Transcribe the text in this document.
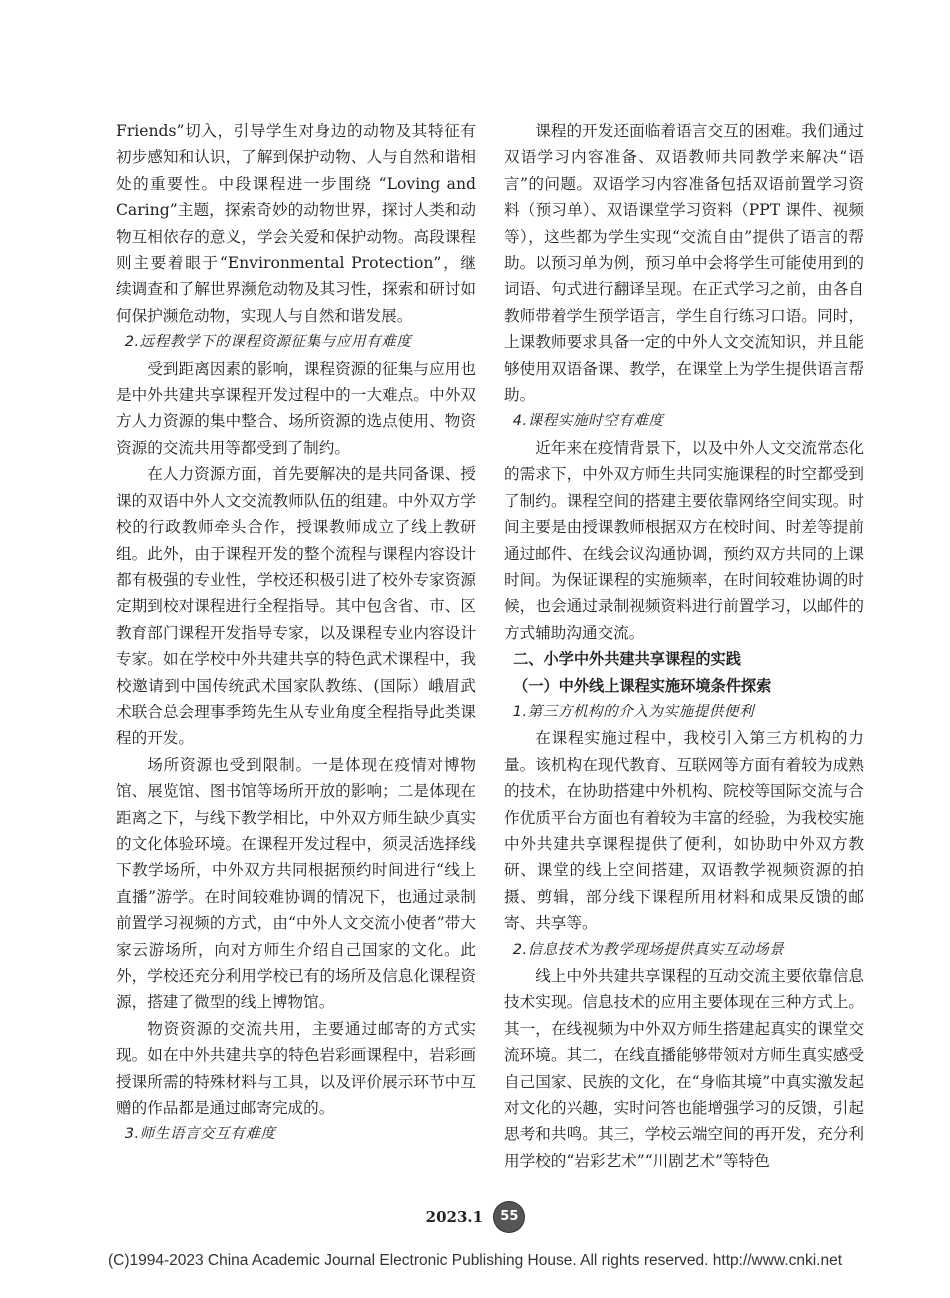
Friends”切入，引导学生对身边的动物及其特征有初步感知和认识，了解到保护动物、人与自然和谐相处的重要性。中段课程进一步围绕 “Loving and Caring”主题，探索奇妙的动物世界，探讨人类和动物互相依存的意义，学会关爱和保护动物。高段课程则主要着眼于“Environmental Protection”，继续调查和了解世界濒危动物及其习性，探索和研讨如何保护濒危动物，实现人与自然和谐发展。

2.远程教学下的课程资源征集与应用有难度

受到距离因素的影响，课程资源的征集与应用也是中外共建共享课程开发过程中的一大难点。中外双方人力资源的集中整合、场所资源的选点使用、物资资源的交流共用等都受到了制约。

在人力资源方面，首先要解决的是共同备课、授课的双语中外人文交流教师队伍的组建。中外双方学校的行政教师牵头合作，授课教师成立了线上教研组。此外，由于课程开发的整个流程与课程内容设计都有极强的专业性，学校还积极引进了校外专家资源定期到校对课程进行全程指导。其中包含省、市、区教育部门课程开发指导专家，以及课程专业内容设计专家。如在学校中外共建共享的特色武术课程中，我校邀请到中国传统武术国家队教练、(国际）峨眉武术联合总会理事季筠先生从专业角度全程指导此类课程的开发。

场所资源也受到限制。一是体现在疫情对博物馆、展览馆、图书馆等场所开放的影响；二是体现在距离之下，与线下教学相比，中外双方师生缺少真实的文化体验环境。在课程开发过程中，须灵活选择线下教学场所，中外双方共同根据预约时间进行“线上直播”游学。在时间较难协调的情况下，也通过录制前置学习视频的方式，由“中外人文交流小使者”带大家云游场所，向对方师生介绍自己国家的文化。此外，学校还充分利用学校已有的场所及信息化课程资源，搭建了微型的线上博物馆。

物资资源的交流共用，主要通过邮寄的方式实现。如在中外共建共享的特色岩彩画课程中，岩彩画授课所需的特殊材料与工具，以及评价展示环节中互赠的作品都是通过邮寄完成的。

3.师生语言交互有难度

课程的开发还面临着语言交互的困难。我们通过双语学习内容准备、双语教师共同教学来解决“语言”的问题。双语学习内容准备包括双语前置学习资料（预习单）、双语课堂学习资料（PPT 课件、视频等），这些都为学生实现“交流自由”提供了语言的帮助。以预习单为例，预习单中会将学生可能使用到的词语、句式进行翻译呈现。在正式学习之前，由各自教师带着学生预学语言，学生自行练习口语。同时，上课教师要求具备一定的中外人文交流知识，并且能够使用双语备课、教学，在课堂上为学生提供语言帮助。

4.课程实施时空有难度

近年来在疫情背景下，以及中外人文交流常态化的需求下，中外双方师生共同实施课程的时空都受到了制约。课程空间的搭建主要依靠网络空间实现。时间主要是由授课教师根据双方在校时间、时差等提前通过邮件、在线会议沟通协调，预约双方共同的上课时间。为保证课程的实施频率，在时间较难协调的时候，也会通过录制视频资料进行前置学习，以邮件的方式辅助沟通交流。

二、小学中外共建共享课程的实践

（一）中外线上课程实施环境条件探索

1.第三方机构的介入为实施提供便利

在课程实施过程中，我校引入第三方机构的力量。该机构在现代教育、互联网等方面有着较为成熟的技术，在协助搭建中外机构、院校等国际交流与合作优质平台方面也有着较为丰富的经验，为我校实施中外共建共享课程提供了便利，如协助中外双方教研、课堂的线上空间搭建，双语教学视频资源的拍摄、剪辑，部分线下课程所用材料和成果反馈的邮寄、共享等。

2.信息技术为教学现场提供真实互动场景

线上中外共建共享课程的互动交流主要依靠信息技术实现。信息技术的应用主要体现在三种方式上。其一，在线视频为中外双方师生搭建起真实的课堂交流环境。其二，在线直播能够带领对方师生真实感受自己国家、民族的文化，在“身临其境”中真实激发起对文化的兴趣，实时问答也能增强学习的反馈，引起思考和共鸣。其三，学校云端空间的再开发，充分利用学校的“岩彩艺术”“川剧艺术”等特色

2023.1 55
(C)1994-2023 China Academic Journal Electronic Publishing House. All rights reserved. http://www.cnki.net
